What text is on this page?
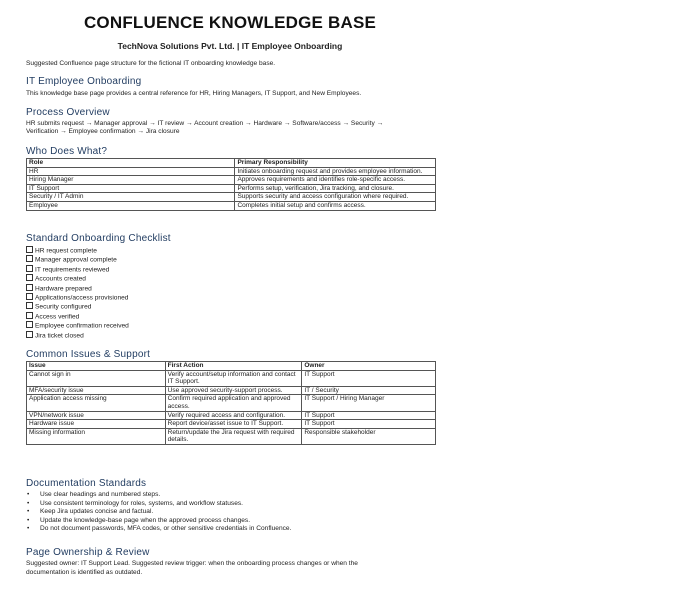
CONFLUENCE KNOWLEDGE BASE
TechNova Solutions Pvt. Ltd. | IT Employee Onboarding
Suggested Confluence page structure for the fictional IT onboarding knowledge base.
IT Employee Onboarding
This knowledge base page provides a central reference for HR, Hiring Managers, IT Support, and New Employees.
Process Overview
HR submits request → Manager approval → IT review → Account creation → Hardware → Software/access → Security →
Verification → Employee confirmation → Jira closure
Who Does What?
Role	Primary Responsibility
HR	Initiates onboarding request and provides employee information.
Hiring Manager	Approves requirements and identifies role-specific access.
IT Support	Performs setup, verification, Jira tracking, and closure.
Security / IT Admin	Supports security and access configuration where required.
Employee	Completes initial setup and confirms access.
Standard Onboarding Checklist
HR request complete
Manager approval complete
IT requirements reviewed
Accounts created
Hardware prepared
Applications/access provisioned
Security configured
Access verified
Employee confirmation received
Jira ticket closed
Common Issues & Support
Issue	First Action	Owner
Cannot sign in	Verify account/setup information and contact IT Support.	IT Support
MFA/security issue	Use approved security-support process.	IT / Security
Application access missing	Confirm required application and approved access.	IT Support / Hiring Manager
VPN/network issue	Verify required access and configuration.	IT Support
Hardware issue	Report device/asset issue to IT Support.	IT Support
Missing information	Return/update the Jira request with required details.	Responsible stakeholder
Documentation Standards
• Use clear headings and numbered steps.
• Use consistent terminology for roles, systems, and workflow statuses.
• Keep Jira updates concise and factual.
• Update the knowledge-base page when the approved process changes.
• Do not document passwords, MFA codes, or other sensitive credentials in Confluence.
Page Ownership & Review
Suggested owner: IT Support Lead. Suggested review trigger: when the onboarding process changes or when the
documentation is identified as outdated.
